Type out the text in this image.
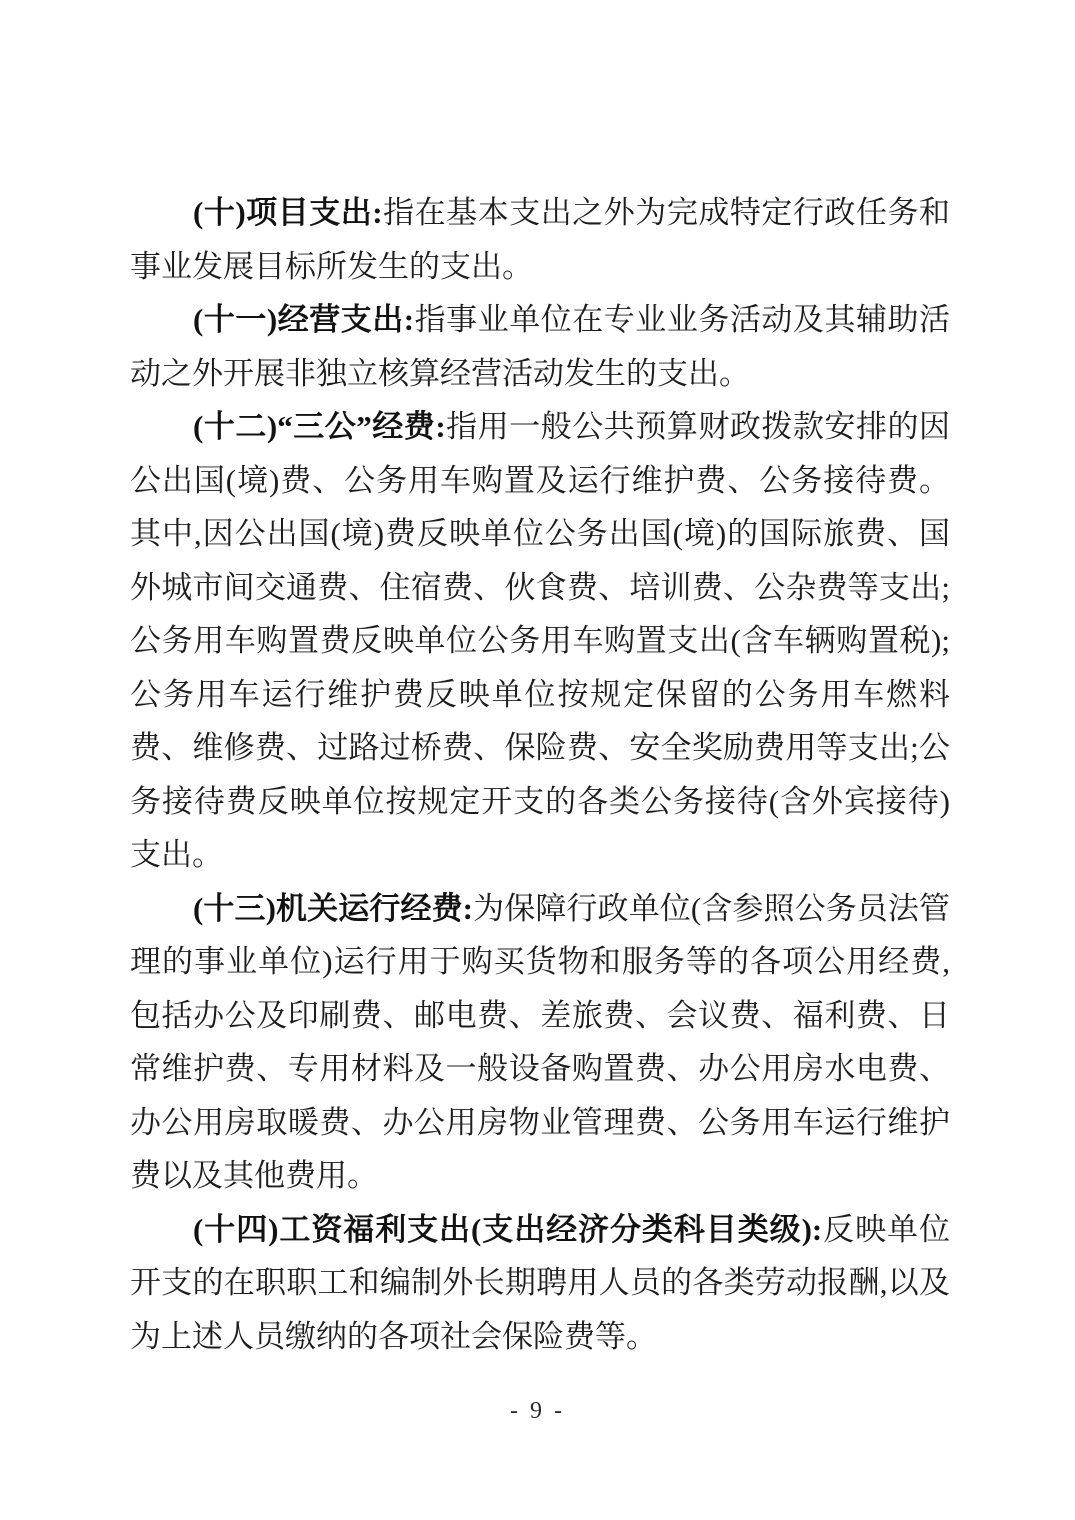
(十)项目支出:指在基本支出之外为完成特定行政任务和事业发展目标所发生的支出。

(十一)经营支出:指事业单位在专业业务活动及其辅助活动之外开展非独立核算经营活动发生的支出。

(十二)“三公”经费:指用一般公共预算财政拨款安排的因公出国(境)费、公务用车购置及运行维护费、公务接待费。其中,因公出国(境)费反映单位公务出国(境)的国际旅费、国外城市间交通费、住宿费、伙食费、培训费、公杂费等支出;公务用车购置费反映单位公务用车购置支出(含车辆购置税);公务用车运行维护费反映单位按规定保留的公务用车燃料费、维修费、过路过桥费、保险费、安全奖励费用等支出;公务接待费反映单位按规定开支的各类公务接待(含外宾接待)支出。

(十三)机关运行经费:为保障行政单位(含参照公务员法管理的事业单位)运行用于购买货物和服务等的各项公用经费,包括办公及印刷费、邮电费、差旅费、会议费、福利费、日常维护费、专用材料及一般设备购置费、办公用房水电费、办公用房取暖费、办公用房物业管理费、公务用车运行维护费以及其他费用。

(十四)工资福利支出(支出经济分类科目类级):反映单位开支的在职职工和编制外长期聘用人员的各类劳动报酬,以及为上述人员缴纳的各项社会保险费等。

- 9 -
